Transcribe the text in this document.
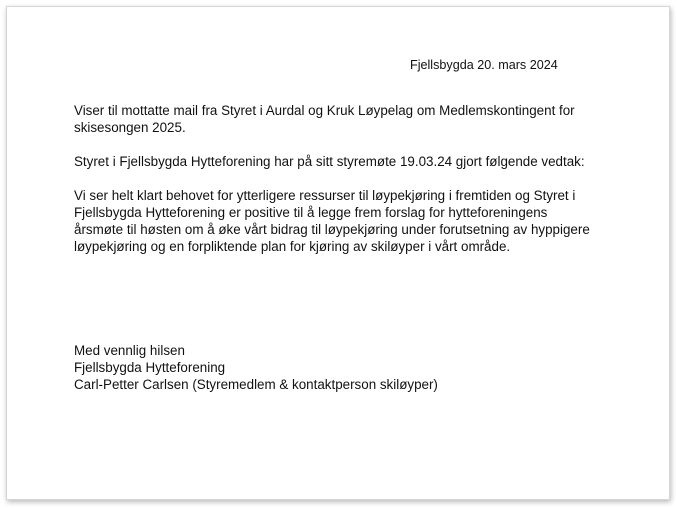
Fjellsbygda 20. mars 2024

Viser til mottatte mail fra Styret i Aurdal og Kruk Løypelag om Medlemskontingent for
skisesongen 2025.

Styret i Fjellsbygda Hytteforening har på sitt styremøte 19.03.24 gjort følgende vedtak:

Vi ser helt klart behovet for ytterligere ressurser til løypekjøring i fremtiden og Styret i
Fjellsbygda Hytteforening er positive til å legge frem forslag for hytteforeningens
årsmøte til høsten om å øke vårt bidrag til løypekjøring under forutsetning av hyppigere
løypekjøring og en forpliktende plan for kjøring av skiløyper i vårt område.

Med vennlig hilsen
Fjellsbygda Hytteforening
Carl-Petter Carlsen (Styremedlem & kontaktperson skiløyper)
